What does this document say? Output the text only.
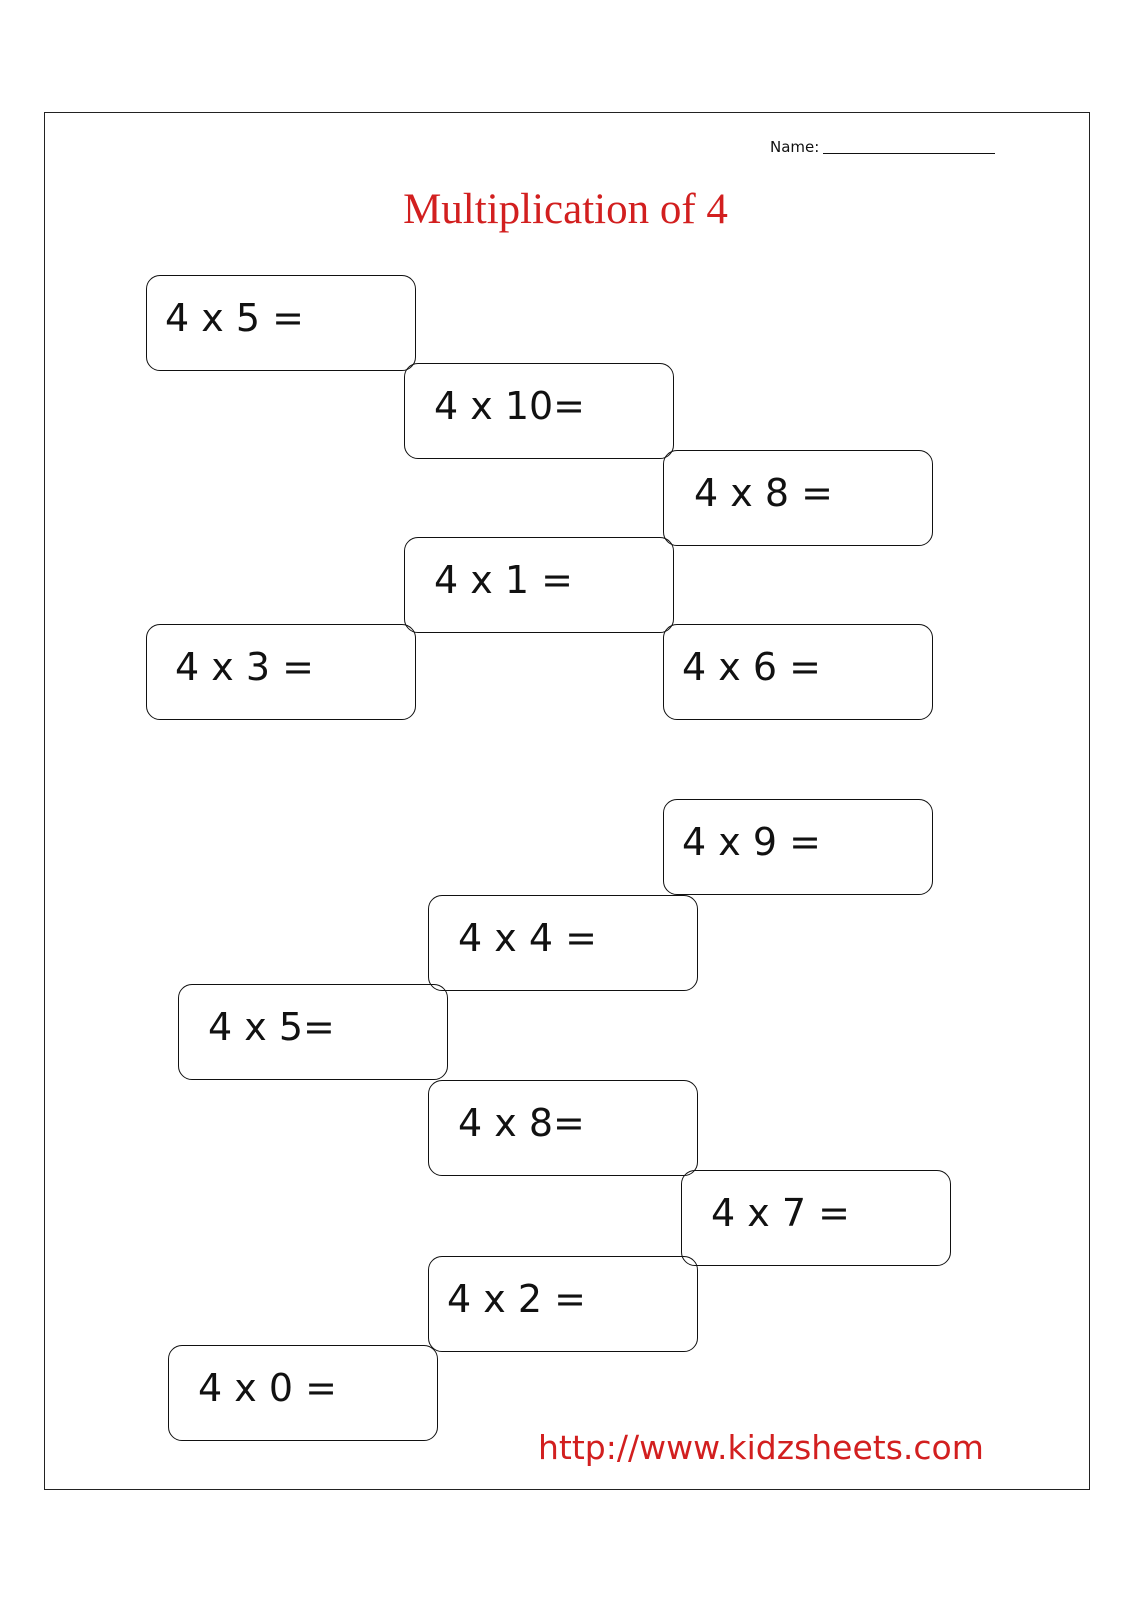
Name:
Multiplication of 4
4 x 5 =
4 x 10=
4 x 8 =
4 x 1 =
4 x 3 =	4 x 6 =
4 x 9 =
4 x 4 =
4 x 5=
4 x 8=
4 x 7 =
4 x 2 =
4 x 0 =
http://www.kidzsheets.com
